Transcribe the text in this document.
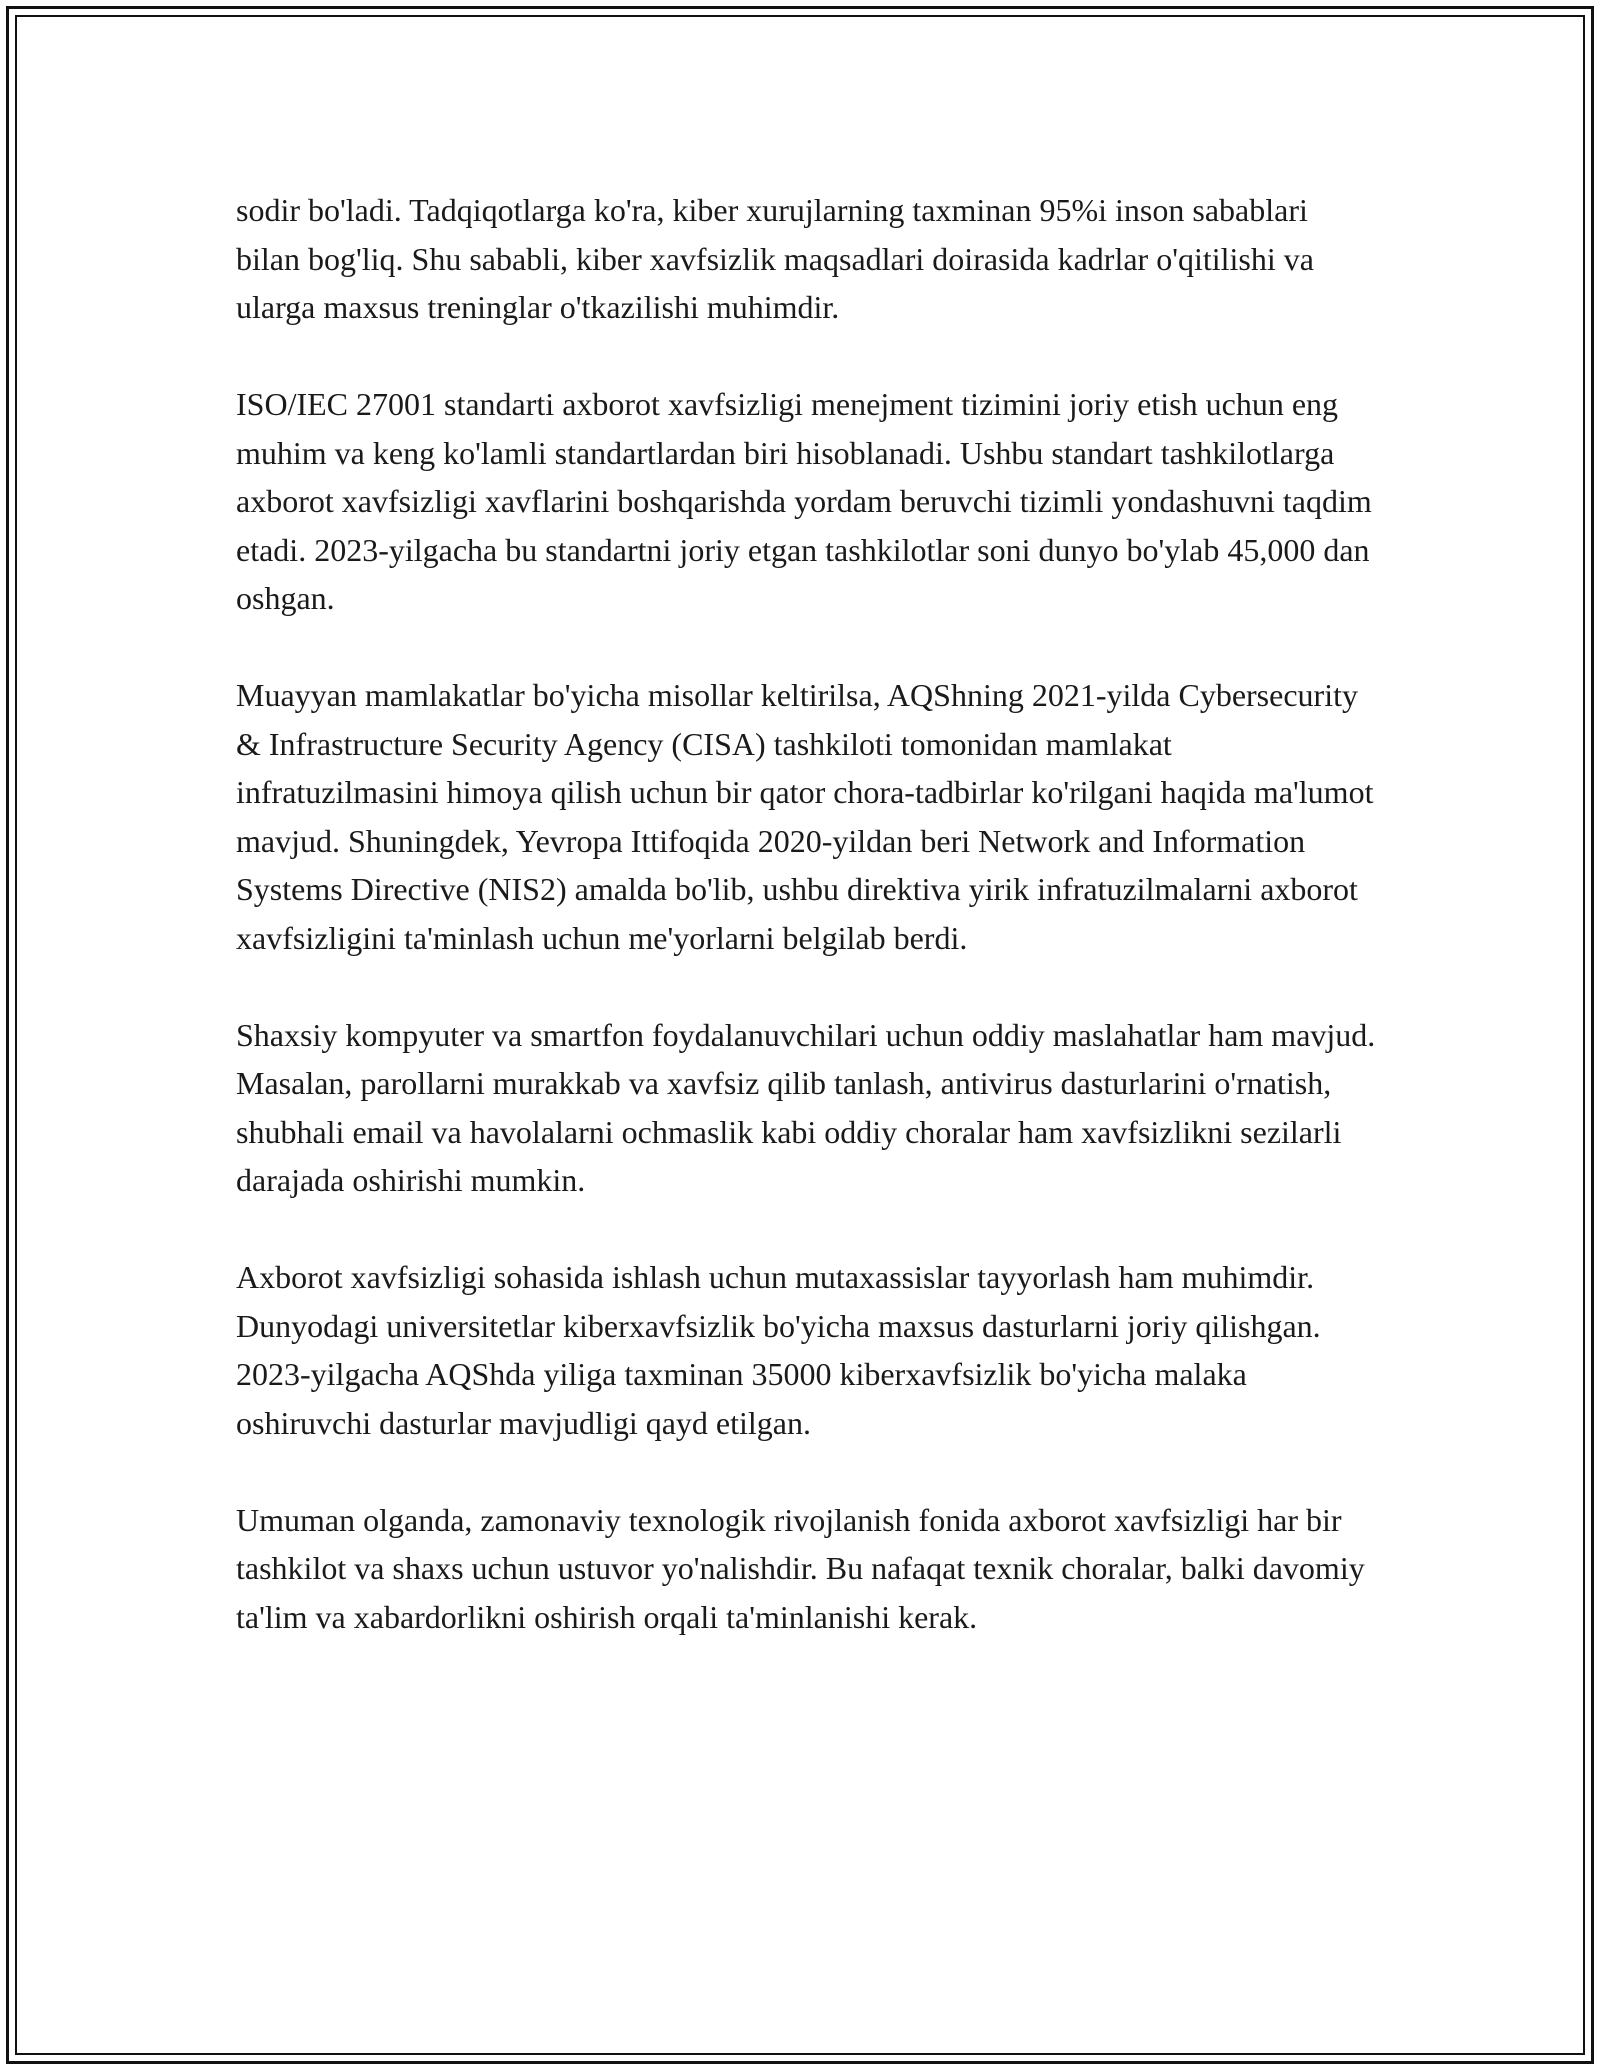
sodir bo'ladi. Tadqiqotlarga ko'ra, kiber xurujlarning taxminan 95%i inson sabablari bilan bog'liq. Shu sababli, kiber xavfsizlik maqsadlari doirasida kadrlar o'qitilishi va ularga maxsus treninglar o'tkazilishi muhimdir.

ISO/IEC 27001 standarti axborot xavfsizligi menejment tizimini joriy etish uchun eng muhim va keng ko'lamli standartlardan biri hisoblanadi. Ushbu standart tashkilotlarga axborot xavfsizligi xavflarini boshqarishda yordam beruvchi tizimli yondashuvni taqdim etadi. 2023-yilgacha bu standartni joriy etgan tashkilotlar soni dunyo bo'ylab 45,000 dan oshgan.

Muayyan mamlakatlar bo'yicha misollar keltirilsa, AQShning 2021-yilda Cybersecurity & Infrastructure Security Agency (CISA) tashkiloti tomonidan mamlakat infratuzilmasini himoya qilish uchun bir qator chora-tadbirlar ko'rilgani haqida ma'lumot mavjud. Shuningdek, Yevropa Ittifoqida 2020-yildan beri Network and Information Systems Directive (NIS2) amalda bo'lib, ushbu direktiva yirik infratuzilmalarni axborot xavfsizligini ta'minlash uchun me'yorlarni belgilab berdi.

Shaxsiy kompyuter va smartfon foydalanuvchilari uchun oddiy maslahatlar ham mavjud. Masalan, parollarni murakkab va xavfsiz qilib tanlash, antivirus dasturlarini o'rnatish, shubhali email va havolalarni ochmaslik kabi oddiy choralar ham xavfsizlikni sezilarli darajada oshirishi mumkin.

Axborot xavfsizligi sohasida ishlash uchun mutaxassislar tayyorlash ham muhimdir. Dunyodagi universitetlar kiberxavfsizlik bo'yicha maxsus dasturlarni joriy qilishgan. 2023-yilgacha AQShda yiliga taxminan 35000 kiberxavfsizlik bo'yicha malaka oshiruvchi dasturlar mavjudligi qayd etilgan.

Umuman olganda, zamonaviy texnologik rivojlanish fonida axborot xavfsizligi har bir tashkilot va shaxs uchun ustuvor yo'nalishdir. Bu nafaqat texnik choralar, balki davomiy ta'lim va xabardorlikni oshirish orqali ta'minlanishi kerak.
